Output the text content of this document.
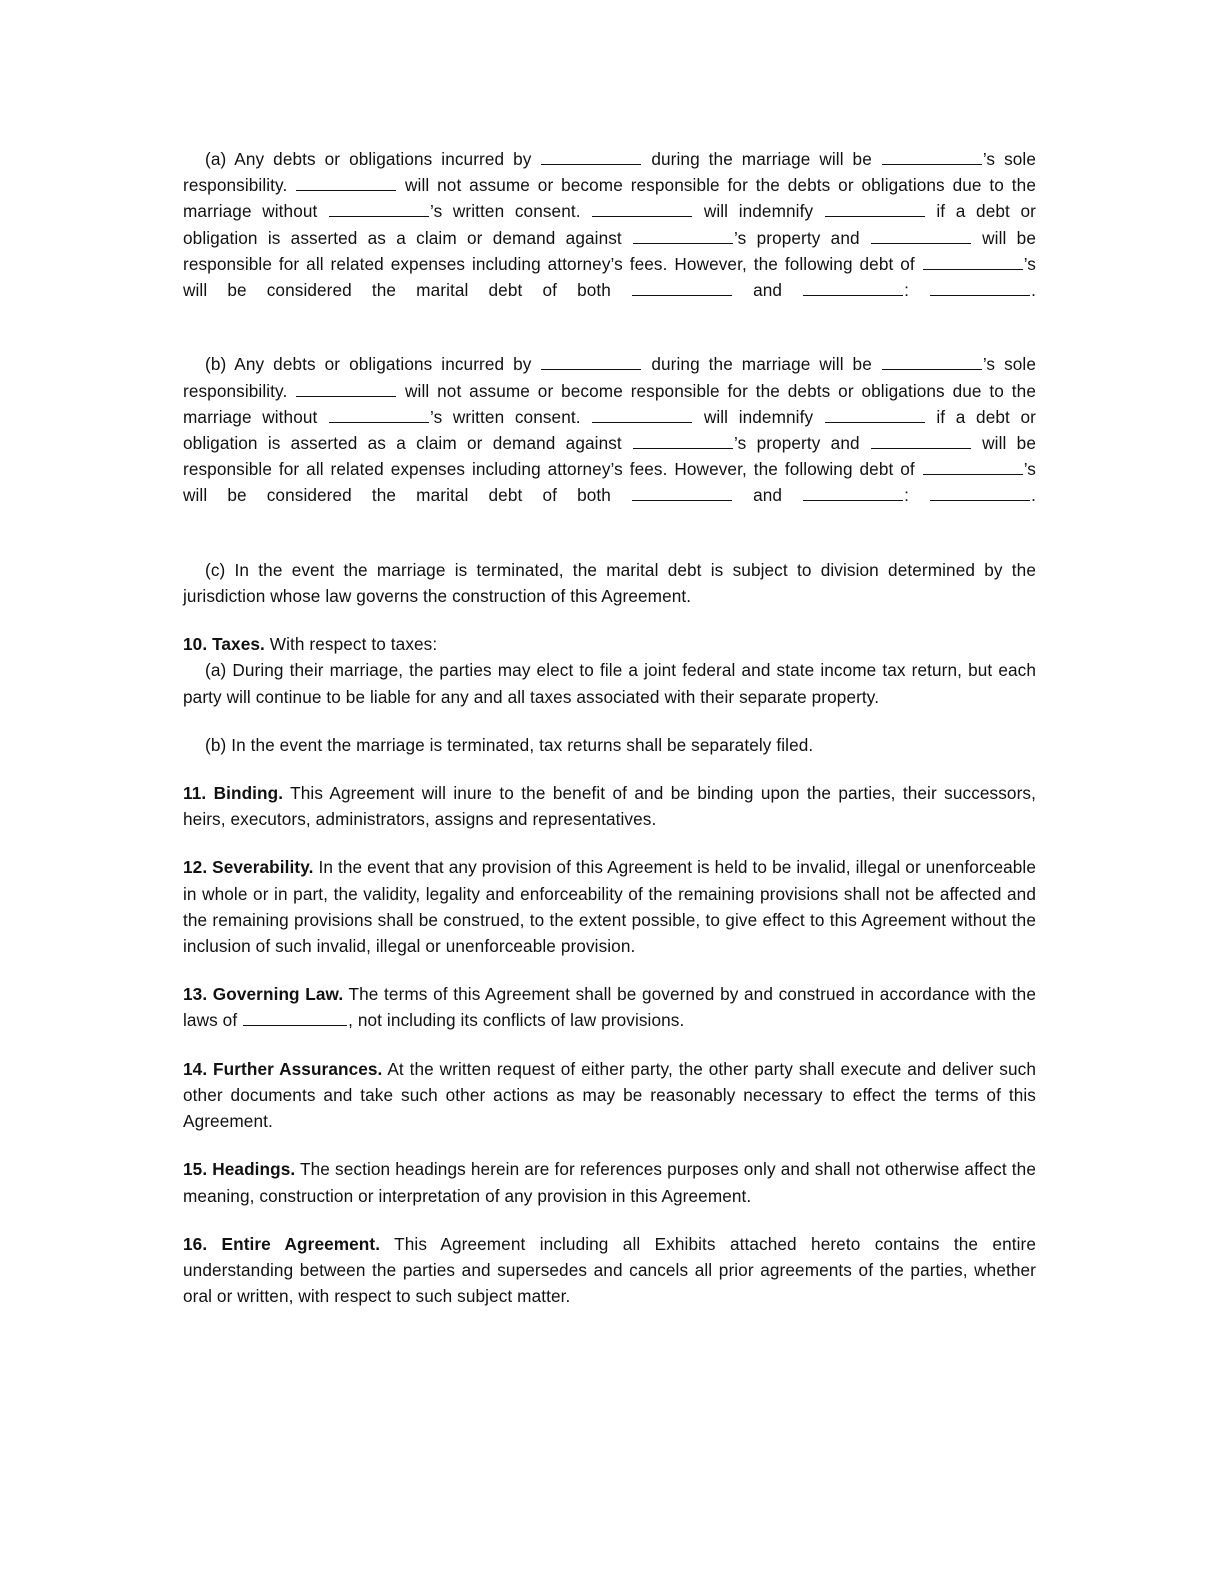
(a) Any debts or obligations incurred by	during the marriage will be	’s sole responsibility.	will not assume or become responsible for the debts or obligations due to the marriage without	’s written consent.	will indemnify	if a debt or obligation is asserted as a claim or demand against	’s property and	will be responsible for all related expenses including attorney’s fees. However, the following debt of	’s will be considered the marital debt of both	and	:	.

(b) Any debts or obligations incurred by	during the marriage will be	’s sole responsibility.	will not assume or become responsible for the debts or obligations due to the marriage without	’s written consent.	will indemnify	if a debt or obligation is asserted as a claim or demand against	’s property and	will be responsible for all related expenses including attorney’s fees. However, the following debt of	’s will be considered the marital debt of both	and	:	.

(c) In the event the marriage is terminated, the marital debt is subject to division determined by the jurisdiction whose law governs the construction of this Agreement.

10. Taxes. With respect to taxes:

(a) During their marriage, the parties may elect to file a joint federal and state income tax return, but each party will continue to be liable for any and all taxes associated with their separate property.

(b) In the event the marriage is terminated, tax returns shall be separately filed.

11. Binding. This Agreement will inure to the benefit of and be binding upon the parties, their successors, heirs, executors, administrators, assigns and representatives.

12. Severability. In the event that any provision of this Agreement is held to be invalid, illegal or unenforceable in whole or in part, the validity, legality and enforceability of the remaining provisions shall not be affected and the remaining provisions shall be construed, to the extent possible, to give effect to this Agreement without the inclusion of such invalid, illegal or unenforceable provision.

13. Governing Law. The terms of this Agreement shall be governed by and construed in accordance with the laws of	, not including its conflicts of law provisions.

14. Further Assurances. At the written request of either party, the other party shall execute and deliver such other documents and take such other actions as may be reasonably necessary to effect the terms of this Agreement.

15. Headings. The section headings herein are for references purposes only and shall not otherwise affect the meaning, construction or interpretation of any provision in this Agreement.

16. Entire Agreement. This Agreement including all Exhibits attached hereto contains the entire understanding between the parties and supersedes and cancels all prior agreements of the parties, whether oral or written, with respect to such subject matter.
